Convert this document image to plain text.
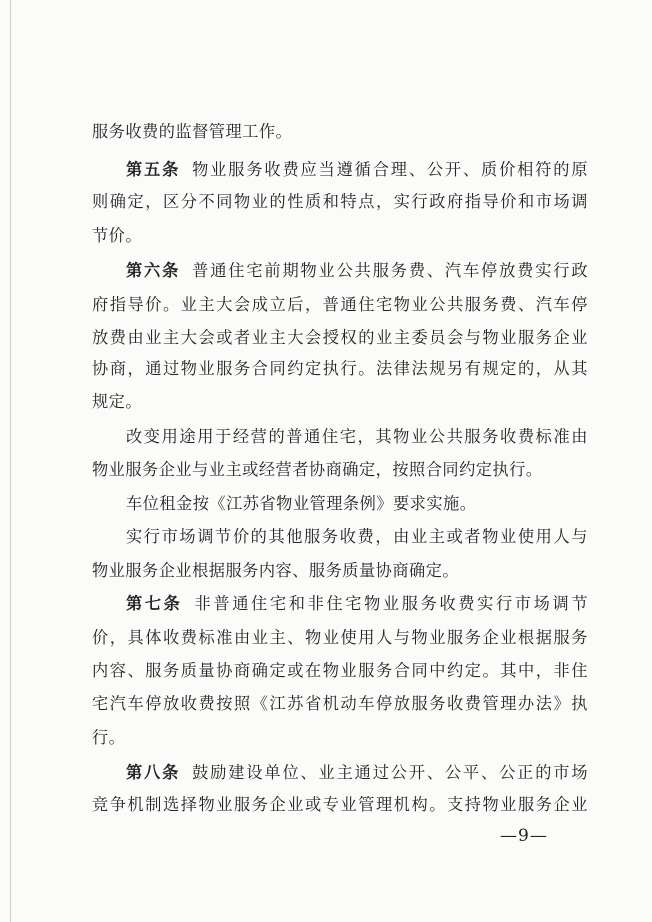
服务收费的监督管理工作。
第五条 物业服务收费应当遵循合理、公开、质价相符的原
则确定，区分不同物业的性质和特点，实行政府指导价和市场调
节价。
第六条 普通住宅前期物业公共服务费、汽车停放费实行政
府指导价。业主大会成立后，普通住宅物业公共服务费、汽车停
放费由业主大会或者业主大会授权的业主委员会与物业服务企业
协商，通过物业服务合同约定执行。法律法规另有规定的，从其
规定。
改变用途用于经营的普通住宅，其物业公共服务收费标准由
物业服务企业与业主或经营者协商确定，按照合同约定执行。
车位租金按《江苏省物业管理条例》要求实施。
实行市场调节价的其他服务收费，由业主或者物业使用人与
物业服务企业根据服务内容、服务质量协商确定。
第七条 非普通住宅和非住宅物业服务收费实行市场调节
价，具体收费标准由业主、物业使用人与物业服务企业根据服务
内容、服务质量协商确定或在物业服务合同中约定。其中，非住
宅汽车停放收费按照《江苏省机动车停放服务收费管理办法》执
行。
第八条 鼓励建设单位、业主通过公开、公平、公正的市场
竞争机制选择物业服务企业或专业管理机构。支持物业服务企业
—9—
